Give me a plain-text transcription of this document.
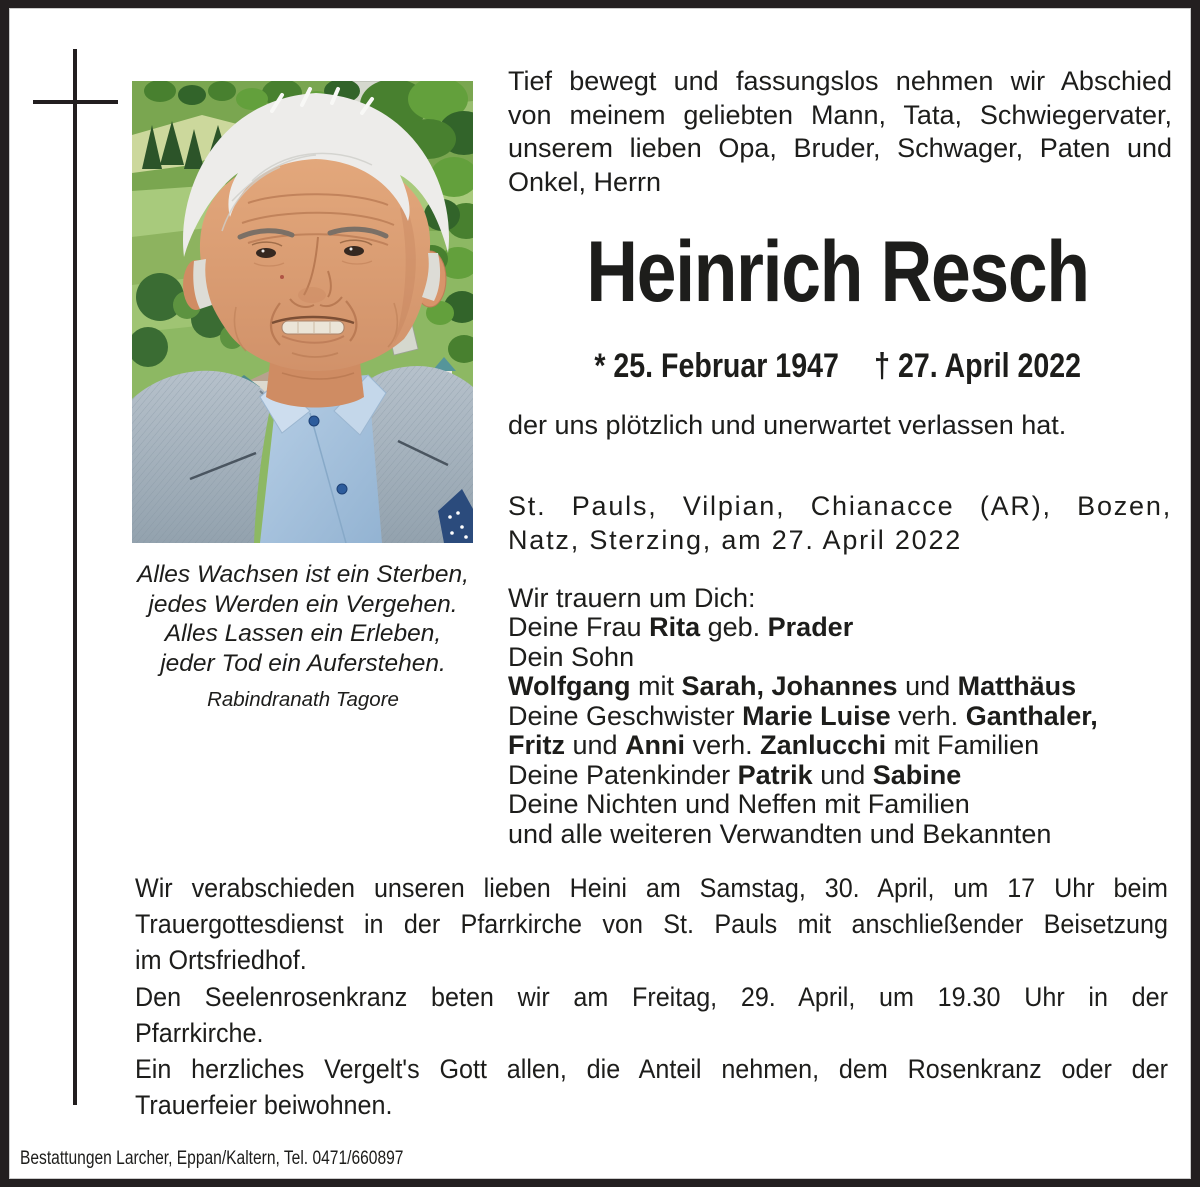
Tief bewegt und fassungslos nehmen wir Abschied
von meinem geliebten Mann, Tata, Schwiegervater,
unserem lieben Opa, Bruder, Schwager, Paten und
Onkel, Herrn
Heinrich Resch
* 25. Februar 1947 † 27. April 2022
der uns plötzlich und unerwartet verlassen hat.
St. Pauls, Vilpian, Chianacce (AR), Bozen,
Natz, Sterzing, am 27. April 2022
Alles Wachsen ist ein Sterben,
jedes Werden ein Vergehen.
Alles Lassen ein Erleben,
jeder Tod ein Auferstehen.
Rabindranath Tagore
Wir trauern um Dich:
Deine Frau Rita geb. Prader
Dein Sohn
Wolfgang mit Sarah, Johannes und Matthäus
Deine Geschwister Marie Luise verh. Ganthaler,
Fritz und Anni verh. Zanlucchi mit Familien
Deine Patenkinder Patrik und Sabine
Deine Nichten und Neffen mit Familien
und alle weiteren Verwandten und Bekannten
Wir verabschieden unseren lieben Heini am Samstag, 30. April, um 17 Uhr beim
Trauergottesdienst in der Pfarrkirche von St. Pauls mit anschließender Beisetzung
im Ortsfriedhof.
Den Seelenrosenkranz beten wir am Freitag, 29. April, um 19.30 Uhr in der
Pfarrkirche.
Ein herzliches Vergelt's Gott allen, die Anteil nehmen, dem Rosenkranz oder der
Trauerfeier beiwohnen.
Bestattungen Larcher, Eppan/Kaltern, Tel. 0471/660897
